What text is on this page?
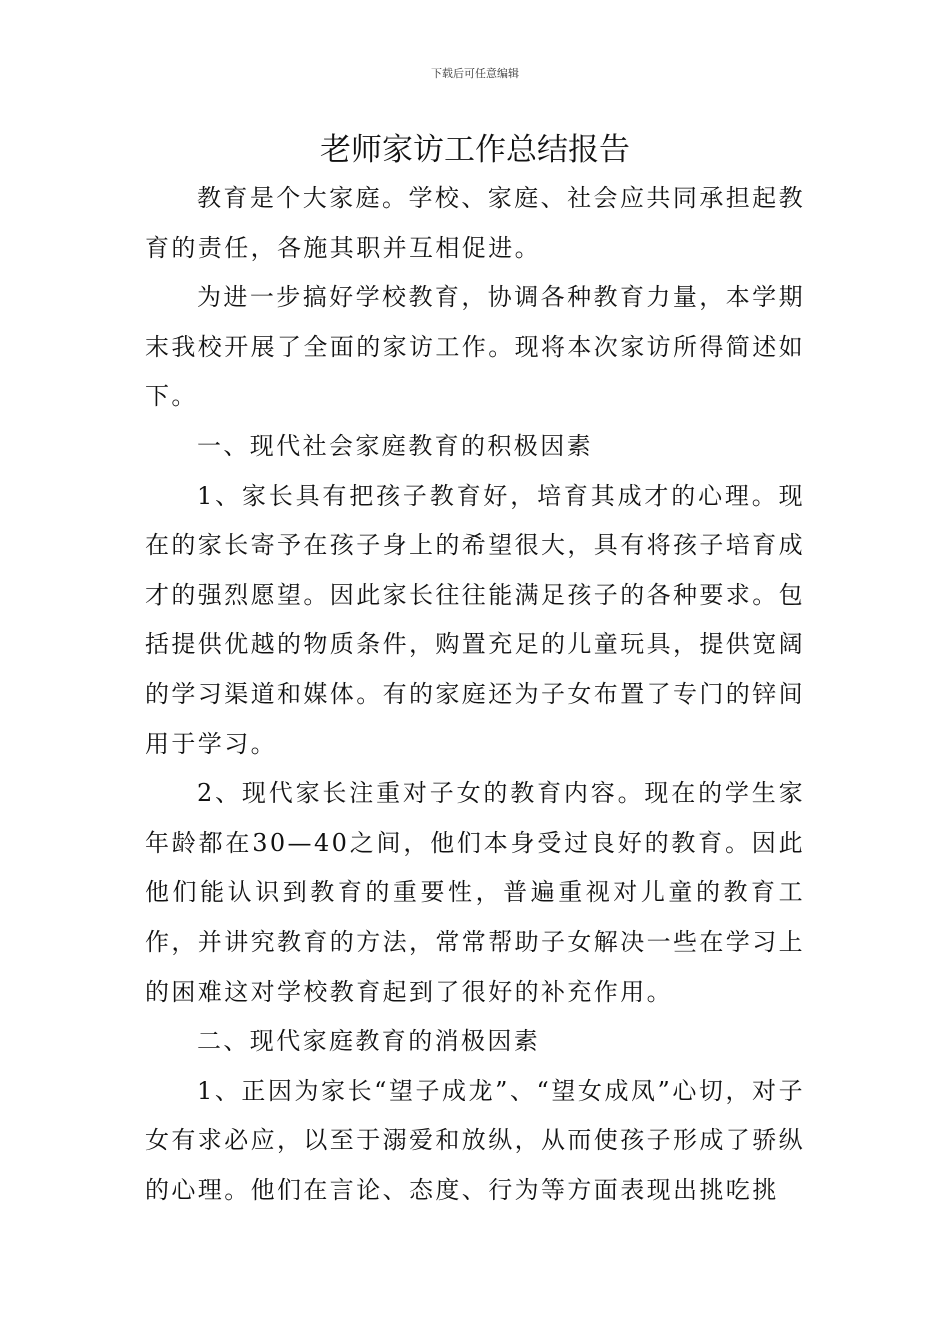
下载后可任意编辑
老师家访工作总结报告

教育是个大家庭。学校、家庭、社会应共同承担起教育的责任，各施其职并互相促进。

为进一步搞好学校教育，协调各种教育力量，本学期末我校开展了全面的家访工作。现将本次家访所得简述如下。

一、现代社会家庭教育的积极因素

1、家长具有把孩子教育好，培育其成才的心理。现在的家长寄予在孩子身上的希望很大，具有将孩子培育成才的强烈愿望。因此家长往往能满足孩子的各种要求。包括提供优越的物质条件，购置充足的儿童玩具，提供宽阔的学习渠道和媒体。有的家庭还为子女布置了专门的锌间用于学习。

2、现代家长注重对子女的教育内容。现在的学生家年龄都在30—40之间，他们本身受过良好的教育。因此他们能认识到教育的重要性，普遍重视对儿童的教育工作，并讲究教育的方法，常常帮助子女解决一些在学习上的困难这对学校教育起到了很好的补充作用。

二、现代家庭教育的消极因素

1、正因为家长“望子成龙”、“望女成凤”心切，对子女有求必应，以至于溺爱和放纵，从而使孩子形成了骄纵的心理。他们在言论、态度、行为等方面表现出挑吃挑
